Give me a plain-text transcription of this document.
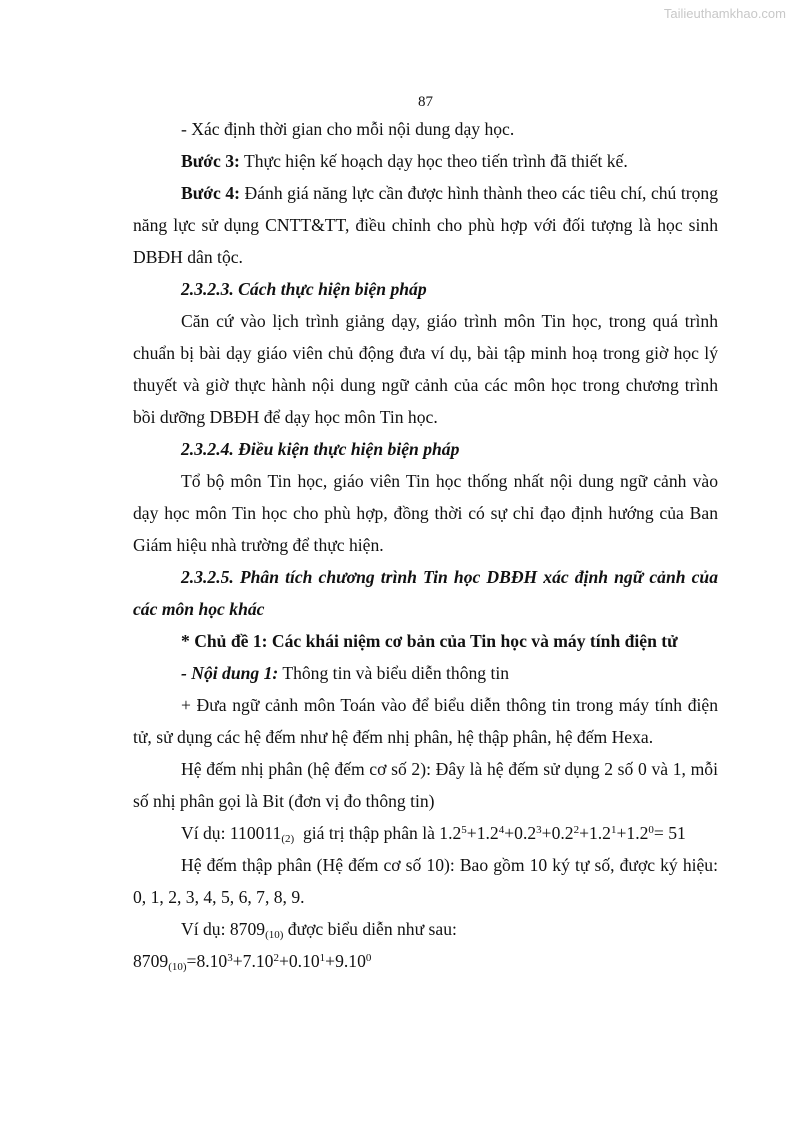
Tailieuthamkhao.com
87

- Xác định thời gian cho mỗi nội dung dạy học.

Bước 3: Thực hiện kế hoạch dạy học theo tiến trình đã thiết kế.

Bước 4: Đánh giá năng lực cần được hình thành theo các tiêu chí, chú trọng năng lực sử dụng CNTT&TT, điều chỉnh cho phù hợp với đối tượng là học sinh DBĐH dân tộc.

2.3.2.3. Cách thực hiện biện pháp

Căn cứ vào lịch trình giảng dạy, giáo trình môn Tin học, trong quá trình chuẩn bị bài dạy giáo viên chủ động đưa ví dụ, bài tập minh hoạ trong giờ học lý thuyết và giờ thực hành nội dung ngữ cảnh của các môn học trong chương trình bồi dưỡng DBĐH để dạy học môn Tin học.

2.3.2.4. Điều kiện thực hiện biện pháp

Tổ bộ môn Tin học, giáo viên Tin học thống nhất nội dung ngữ cảnh vào dạy học môn Tin học cho phù hợp, đồng thời có sự chỉ đạo định hướng của Ban Giám hiệu nhà trường để thực hiện.

2.3.2.5. Phân tích chương trình Tin học DBĐH xác định ngữ cảnh của các môn học khác

* Chủ đề 1: Các khái niệm cơ bản của Tin học và máy tính điện tử

- Nội dung 1: Thông tin và biểu diễn thông tin

+ Đưa ngữ cảnh môn Toán vào để biểu diễn thông tin trong máy tính điện tử, sử dụng các hệ đếm như hệ đếm nhị phân, hệ thập phân, hệ đếm Hexa.

Hệ đếm nhị phân (hệ đếm cơ số 2): Đây là hệ đếm sử dụng 2 số 0 và 1, mỗi số nhị phân gọi là Bit (đơn vị đo thông tin)

Ví dụ: $110011_{(2)}$  giá trị thập phân là $1.2^5+1.2^4+0.2^3+0.2^2+1.2^1+1.2^0= 51$

Hệ đếm thập phân (Hệ đếm cơ số 10): Bao gồm 10 ký tự số, được ký hiệu: 0, 1, 2, 3, 4, 5, 6, 7, 8, 9.

Ví dụ: $8709_{(10)}$ được biểu diễn như sau:

$8709_{(10)}=8.10^3+7.10^2+0.10^1+9.10^0$
